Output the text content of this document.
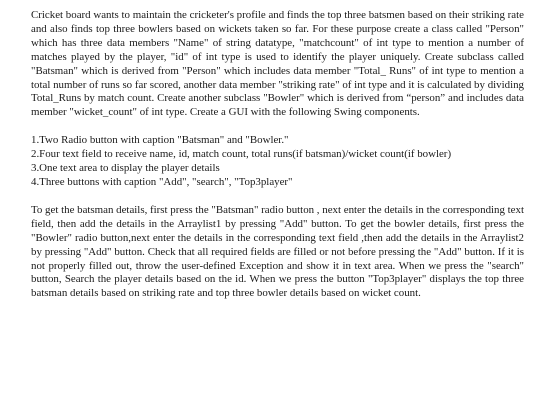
Cricket board wants to maintain the cricketer's profile and finds the top three batsmen based on their striking rate and also finds top three bowlers based on wickets taken so far. For these purpose create a class called "Person" which has three data members "Name" of string datatype, "matchcount" of int type to mention a number of matches played by the player, "id" of int type is used to identify the player uniquely. Create subclass called "Batsman" which is derived from "Person" which includes data member "Total_ Runs" of int type to mention a total number of runs so far scored, another data member "striking rate" of int type and it is calculated by dividing Total_Runs by match count. Create another subclass "Bowler" which is derived from “person” and includes data member "wicket_count" of int type. Create a GUI with the following Swing components.

1.Two Radio button with caption "Batsman" and "Bowler."

2.Four text field to receive name, id, match count, total runs(if batsman)/wicket count(if bowler)

3.One text area to display the player details

4.Three buttons with caption "Add", "search", "Top3player"

To get the batsman details, first press the "Batsman" radio button , next enter the details in the corresponding text field, then add the details in the Arraylist1 by pressing "Add" button. To get the bowler details, first press the "Bowler" radio button,next enter the details in the corresponding text field ,then add the details in the Arraylist2 by pressing "Add" button. Check that all required fields are filled or not before pressing the "Add" button. If it is not properly filled out, throw the user-defined Exception and show it in text area. When we press the "search" button, Search the player details based on the id. When we press the button "Top3player" displays the top three batsman details based on striking rate and top three bowler details based on wicket count.
